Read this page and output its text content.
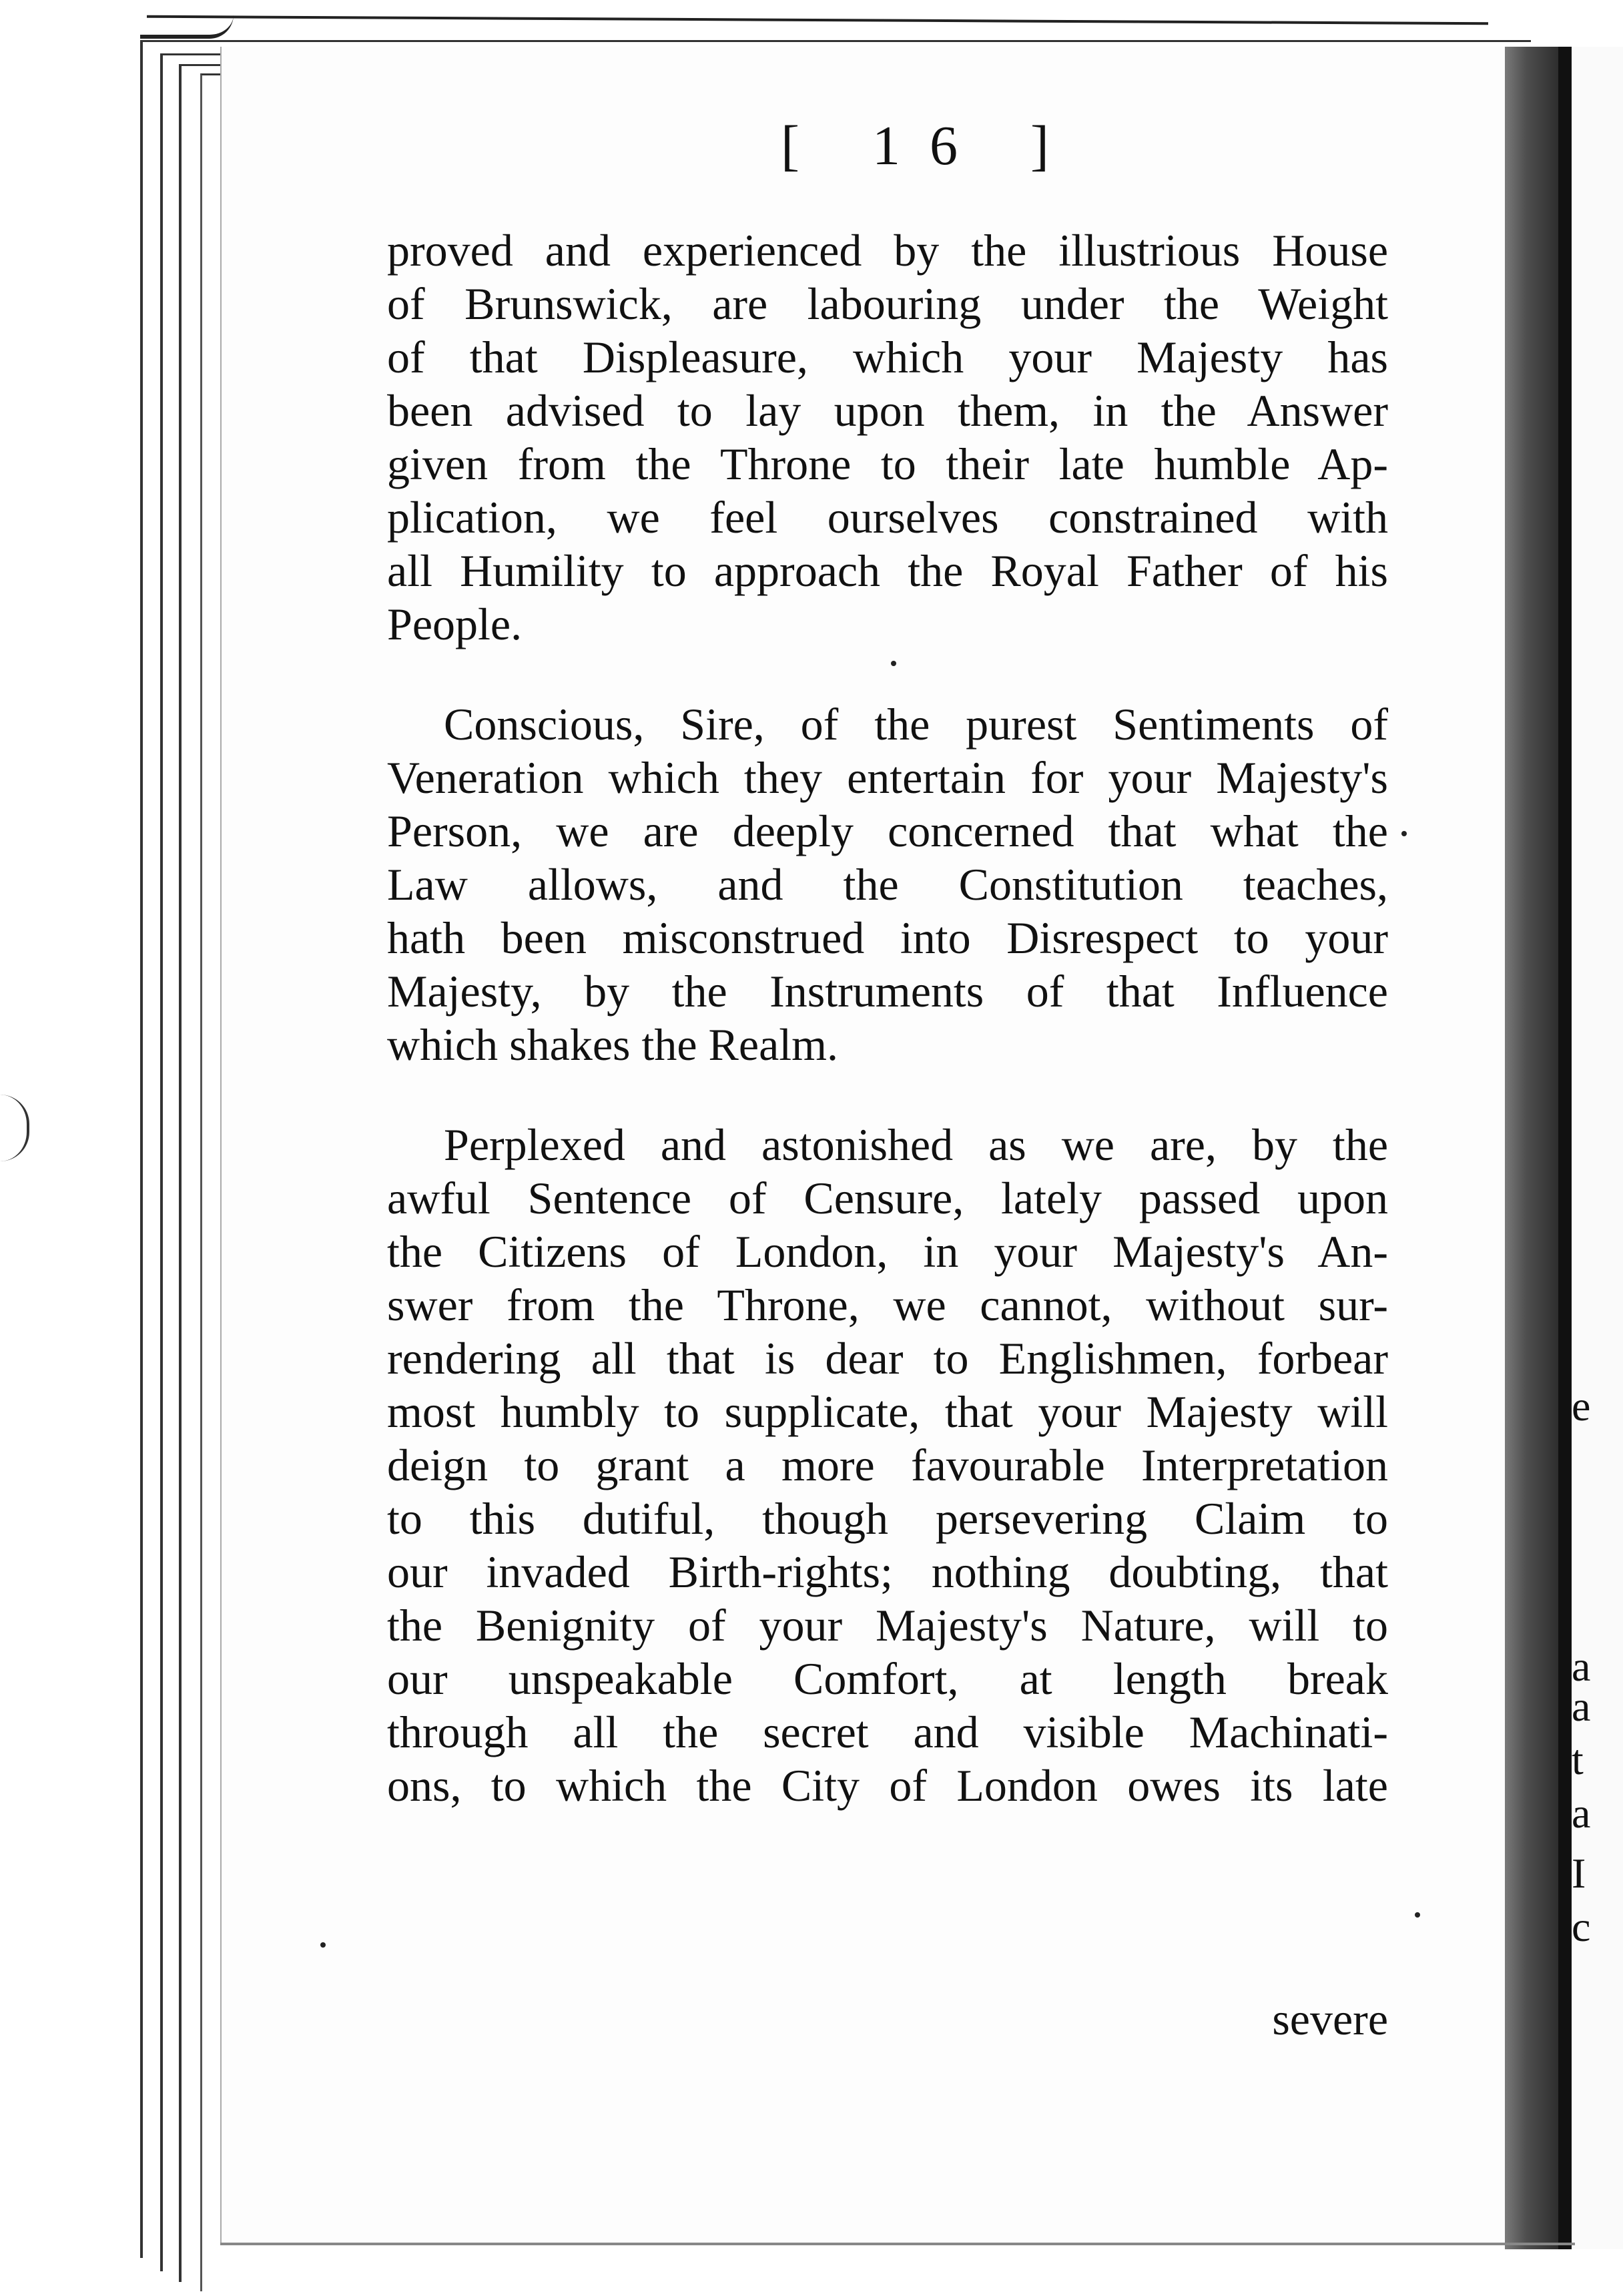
e
a
a
t
a
I
c
[ 16 ]
proved and experienced by the illustrious House
of Brunswick, are labouring under the Weight
of that Displeasure, which your Majesty has
been advised to lay upon them, in the Answer
given from the Throne to their late humble Ap-
plication, we feel ourselves constrained with
all Humility to approach the Royal Father of his
People.
Conscious, Sire, of the purest Sentiments of
Veneration which they entertain for your Majesty's
Person, we are deeply concerned that what the
Law allows, and the Constitution teaches,
hath been misconstrued into Disrespect to your
Majesty, by the Instruments of that Influence
which shakes the Realm.
Perplexed and astonished as we are, by the
awful Sentence of Censure, lately passed upon
the Citizens of London, in your Majesty's An-
swer from the Throne, we cannot, without sur-
rendering all that is dear to Englishmen, forbear
most humbly to supplicate, that your Majesty will
deign to grant a more favourable Interpretation
to this dutiful, though persevering Claim to
our invaded Birth-rights; nothing doubting, that
the Benignity of your Majesty's Nature, will to
our unspeakable Comfort, at length break
through all the secret and visible Machinati-
ons, to which the City of London owes its late
severe
